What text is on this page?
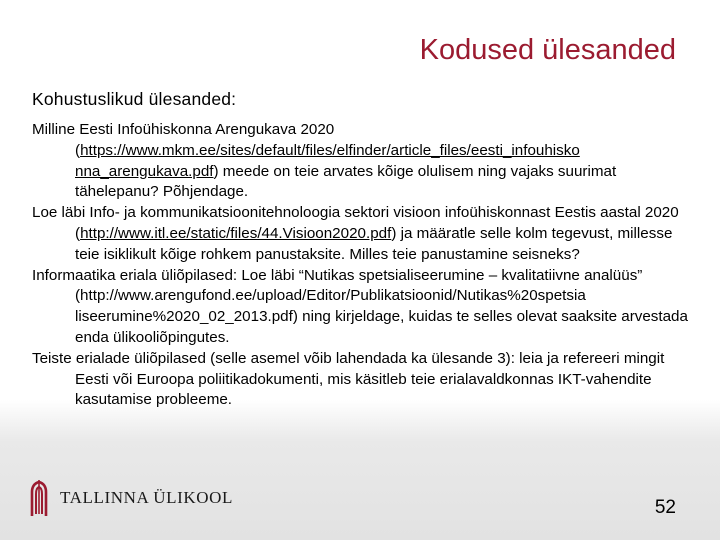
Kodused ülesanded
Kohustuslikud ülesanded:

Milline Eesti Infoühiskonna Arengukava 2020 (https://www.mkm.ee/sites/default/files/elfinder/article_files/eesti_infouhisko nna_arengukava.pdf) meede on teie arvates kõige olulisem ning vajaks suurimat tähelepanu? Põhjendage.

Loe läbi Info- ja kommunikatsioonitehnoloogia sektori visioon infoühiskonnast Eestis aastal 2020 (http://www.itl.ee/static/files/44.Visioon2020.pdf) ja määratle selle kolm tegevust, millesse teie isiklikult kõige rohkem panustaksite. Milles teie panustamine seisneks?

Informaatika eriala üliõpilased: Loe läbi “Nutikas spetsialiseerumine – kvalitatiivne analüüs” (http://www.arengufond.ee/upload/Editor/Publikatsioonid/Nutikas%20spetsia liseerumine%2020_02_2013.pdf) ning kirjeldage, kuidas te selles olevat saaksite arvestada enda ülikooliõpingutes.

Teiste erialade üliõpilased (selle asemel võib lahendada ka ülesande 3): leia ja refereeri mingit Eesti või Euroopa poliitikadokumenti, mis käsitleb teie erialavaldkonnas IKT-vahendite kasutamise probleeme.

TALLINNA ÜLIKOOL	52
